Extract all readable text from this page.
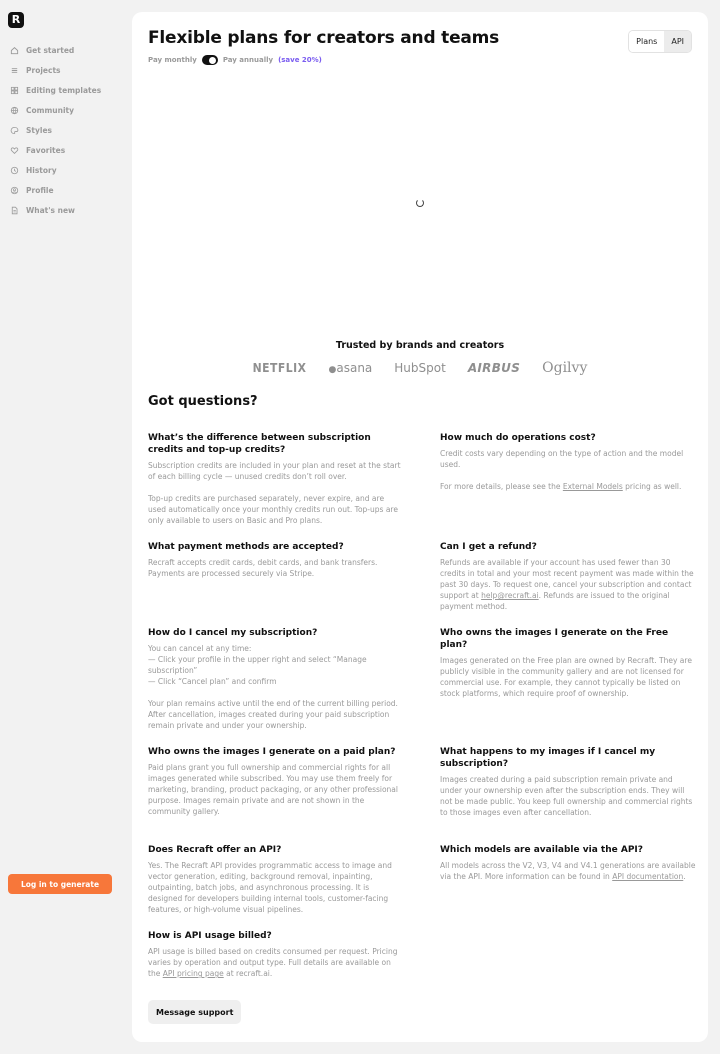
R
Get started
Projects
Editing templates
Community
Styles
Favorites
History
Profile
What's new
Log in to generate
Flexible plans for creators and teams
Pay monthly	Pay annually (save 20%)
Plans	API
Trusted by brands and creators
NETFLIX ●​asana HubSpot AIRBUS Ogilvy
Got questions?
What’s the difference between subscription credits and top-up credits?

Subscription credits are included in your plan and reset at the start of each billing cycle — unused credits don’t roll over.

Top-up credits are purchased separately, never expire, and are used automatically once your monthly credits run out. Top-ups are only available to users on Basic and Pro plans.

How much do operations cost?

Credit costs vary depending on the type of action and the model used.

For more details, please see the External Models pricing as well.

What payment methods are accepted?

Recraft accepts credit cards, debit cards, and bank transfers. Payments are processed securely via Stripe.

Can I get a refund?

Refunds are available if your account has used fewer than 30 credits in total and your most recent payment was made within the past 30 days. To request one, cancel your subscription and contact support at help@recraft.ai. Refunds are issued to the original payment method.

How do I cancel my subscription?

You can cancel at any time:
— Click your profile in the upper right and select “Manage subscription”
— Click “Cancel plan” and confirm

Your plan remains active until the end of the current billing period. After cancellation, images created during your paid subscription remain private and under your ownership.

Who owns the images I generate on the Free plan?

Images generated on the Free plan are owned by Recraft. They are publicly visible in the community gallery and are not licensed for commercial use. For example, they cannot typically be listed on stock platforms, which require proof of ownership.

Who owns the images I generate on a paid plan?

Paid plans grant you full ownership and commercial rights for all images generated while subscribed. You may use them freely for marketing, branding, product packaging, or any other professional purpose. Images remain private and are not shown in the community gallery.

What happens to my images if I cancel my subscription?

Images created during a paid subscription remain private and under your ownership even after the subscription ends. They will not be made public. You keep full ownership and commercial rights to those images even after cancellation.

Does Recraft offer an API?

Yes. The Recraft API provides programmatic access to image and vector generation, editing, background removal, inpainting, outpainting, batch jobs, and asynchronous processing. It is designed for developers building internal tools, customer-facing features, or high-volume visual pipelines.

Which models are available via the API?

All models across the V2, V3, V4 and V4.1 generations are available via the API. More information can be found in API documentation.

How is API usage billed?

API usage is billed based on credits consumed per request. Pricing varies by operation and output type. Full details are available on the API pricing page at recraft.ai.

Message support
